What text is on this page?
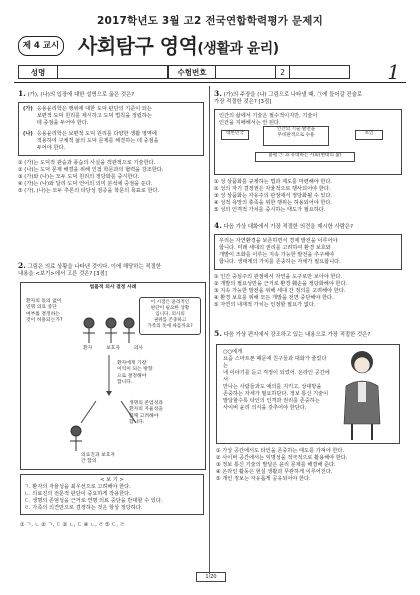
2017학년도 3월 고2 전국연합학력평가 문제지
제 4 교시 사회탐구 영역(생활과 윤리)
성명	수험번호	2	1
1. (가), (나)의 입장에 대한 설명으로 옳은 것은?
(가) 응용윤리학은 행위에 대한 도덕 판단의 기준이 되는
보편적 도덕 원리를 제시하고 도덕 법칙을 정립하는
데 중점을 두어야 한다.
(나) 응용윤리학은 보편적 도덕 원리를 다양한 생활 영역에
적용하여 구체적 삶의 도덕 문제를 해결하는 데 중점을
두어야 한다.
① (가)는 도덕적 관습과 풍습의 사실을 객관적으로 기술한다.
② (나)는 도덕 문제 해결을 위해 인접 학문과의 협력을 강조한다.
③ (가)와 (나)는 모두 도덕 원리의 정당화를 중시한다.
④ (가)는 (나)와 달리 도덕 언어의 의미 분석에 중점을 둔다.
⑤ (가), (나)는 모두 추론의 타당성 검증을 학문의 목표로 한다.
2. 그림은 의료 상황을 나타낸 것이다. 이에 해당하는 적절한
내용을 <보기>에서 고른 것은? [3점]
법률적 의사 결정 사례
환자의 동의 없이
연명 의료 중단
여부를 결정하는
것이 허용되는가?
이 시점은 윤리적인
판단이 필요한 상황
입니다. 의사의
권위를 존중하고
가족의 뜻에 따를까요?
환자	보호자	의사
환자에게 가장
이익이 되는 방향
으로 결정해야
합니다.
생명의 존엄성과
환자의 자율성을
함께 고려해야
합니다.
의료진과 보호자
간 합의
< 보 기 >
ㄱ. 환자의 자율성을 최우선으로 고려해야 한다.
ㄴ. 의료진의 전문적 판단이 중요하게 작용한다.
ㄷ. 생명의 존엄성을 근거로 연명 의료 중단을 반대할 수 있다.
ㄹ. 가족의 의견만으로 결정하는 것은 항상 정당하다.
① ㄱ, ㄴ ② ㄱ, ㄷ ③ ㄴ, ㄷ ④ ㄴ, ㄹ ⑤ ㄷ, ㄹ
3. (가)의 주장을 (나) 그림으로 나타낼 때, ㉠에 들어갈 진술로
가장 적절한 것은? [3점]
인간의 삶에서 기술은 필수적이지만, 기술이
인간을 지배해서는 안 된다.
대한민국
인간의 기술 발전을
무비판적으로 수용	초인
불평 ㉠ 과 유대하는 사회(현대의 삶)
① 성 상품화를 규제하는 법과 제도를 마련해야 한다.
② 성의 자기 결정권은 자율적으로 행사되어야 한다.
③ 성 상품화는 자유주의 관점에서 정당화될 수 있다.
④ 성적 욕망의 충족을 위한 행위는 허용되어야 한다.
⑤ 성의 인격적 가치를 중시하는 태도가 필요하다.
4. 다음 가상 대화에서 가장 적절한 의견을 제시한 사람은?
우리는 자연환경을 보존하면서 경제 발전을 이루어야
합니다. 미래 세대의 권리를 고려하여 환경 보호와
개발이 조화를 이루는 지속 가능한 발전을 추구해야
합니다. 생태계의 가치를 존중하는 자세가 필요합니다.
① 인간 중심주의 관점에서 자연을 도구로만 보아야 한다.
② 개발의 필요성만을 근거로 환경 훼손을 정당화해야 한다.
③ 지속 가능한 발전을 위해 세대 간 정의를 고려해야 한다.
④ 환경 보호를 위해 모든 개발을 전면 중단해야 한다.
⑤ 자연의 내재적 가치는 인정할 필요가 없다.
5. 다음 가상 편지에서 강조하고 있는 내용으로 가장 적절한 것은?
○○에게
요즘 스마트폰 때문에 친구들과 대화가 줄었다는
네 이야기를 듣고 걱정이 되었어. 온라인 공간에서
만나는 사람들과도 예의를 지키고, 상대방을
존중하는 자세가 필요하단다. 정보 통신 기술이
발달할수록 타인의 인격과 권리를 존중하는
사이버 윤리 의식을 갖추어야 한단다.
① 가상 공간에서도 타인을 존중하는 태도를 가져야 한다.
② 사이버 공간에서는 익명성을 적극적으로 활용해야 한다.
③ 정보 통신 기술의 발달은 윤리 문제를 해결해 준다.
④ 온라인 활동은 현실 생활과 무관하게 이루어진다.
⑤ 개인 정보는 자유롭게 공유되어야 한다.
1/20
